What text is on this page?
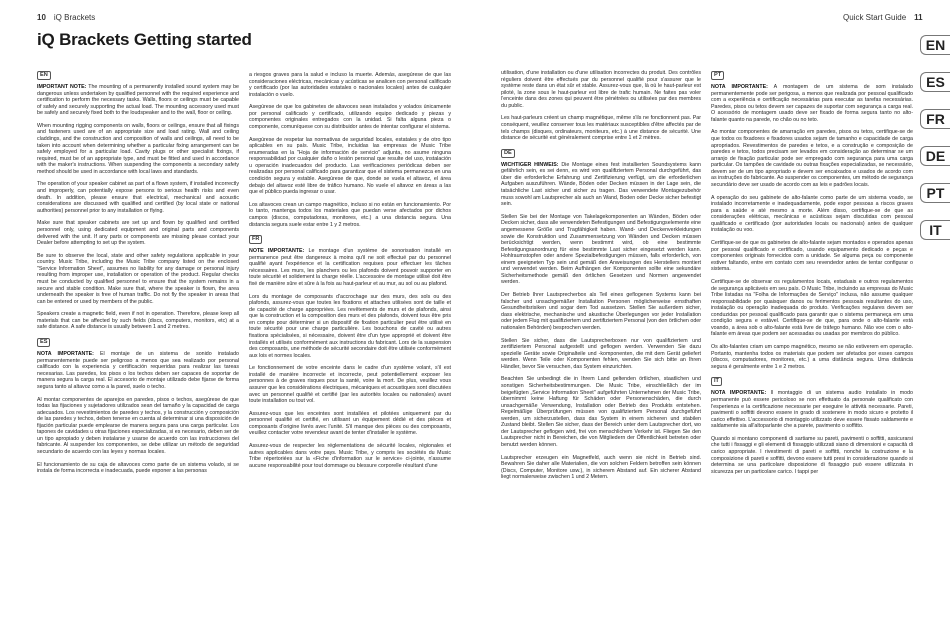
10 iQ Brackets	Quick Start Guide 11
iQ Brackets Getting started
EN

IMPORTANT NOTE: The mounting of a permanently installed sound system may be dangerous unless undertaken by qualified personnel with the required experience and certification to perform the necessary tasks. Walls, floors or ceilings must be capable of safely and securely supporting the actual load. The mounting accessory used must be safely and securely fixed both to the loudspeaker and to the wall, floor or ceiling.

When mounting rigging components on walls, floors or ceilings, ensure that all fixings and fasteners used are of an appropriate size and load rating. Wall and ceiling claddings, and the construction and composition of walls and ceilings, all need to be taken into account when determining whether a particular fixing arrangement can be safely employed for a particular load. Cavity plugs or other specialist fixings, if required, must be of an appropriate type, and must be fitted and used in accordance with the maker's instructions. When suspending the components a secondary safety method should be used in accordance with local laws and standards.

The operation of your speaker cabinet as part of a flown system, if installed incorrectly and improperly, can potentially expose persons to serious health risks and even death. In addition, please ensure that electrical, mechanical and acoustic considerations are discussed with qualified and certified (by local state or national authorities) personnel prior to any installation or flying.

Make sure that speaker cabinets are set up and flown by qualified and certified personnel only, using dedicated equipment and original parts and components delivered with the unit. If any parts or components are missing please contact your Dealer before attempting to set up the system.

Be sure to observe the local, state and other safety regulations applicable in your country. Music Tribe, including the Music Tribe company listed on the enclosed "Service Information Sheet", assumes no liability for any damage or personal injury resulting from improper use, installation or operation of the product. Regular checks must be conducted by qualified personnel to ensure that the system remains in a secure and stable condition. Make sure that, where the speaker is flown, the area underneath the speaker is free of human traffic. Do not fly the speaker in areas that can be entered or used by members of the public.

Speakers create a magnetic field, even if not in operation. Therefore, please keep all materials that can be affected by such fields (discs, computers, monitors, etc) at a safe distance. A safe distance is usually between 1 and 2 metres.

ES

NOTA IMPORTANTE: El montaje de un sistema de sonido instalado permanentemente puede ser peligroso a menos que sea realizado por personal calificado con la experiencia y certificación requeridas para realizar las tareas necesarias. Las paredes, los pisos o los techos deben ser capaces de soportar de manera segura la carga real. El accesorio de montaje utilizado debe fijarse de forma segura tanto al altavoz como a la pared, suelo o techo.

Al montar componentes de aparejos en paredes, pisos o techos, asegúrese de que todas las fijaciones y sujetadores utilizados sean del tamaño y la capacidad de carga adecuados. Los revestimientos de paredes y techos, y la construcción y composición de las paredes y techos, deben tenerse en cuenta al determinar si una disposición de fijación particular puede emplearse de manera segura para una carga particular. Los tapones de cavidades u otras fijaciones especializadas, si es necesario, deben ser de un tipo apropiado y deben instalarse y usarse de acuerdo con las instrucciones del fabricante. Al suspender los componentes, se debe utilizar un método de seguridad secundario de acuerdo con las leyes y normas locales.

El funcionamiento de su caja de altavoces como parte de un sistema volado, si se instala de forma incorrecta e inadecuada, puede exponer a las personas

a riesgos graves para la salud e incluso la muerte. Además, asegúrese de que las consideraciones eléctricas, mecánicas y acústicas se analicen con personal calificado y certificado (por las autoridades estatales o nacionales locales) antes de cualquier instalación o vuelo.

Asegúrese de que los gabinetes de altavoces sean instalados y volados únicamente por personal calificado y certificado, utilizando equipo dedicado y piezas y componentes originales entregados con la unidad. Si falta alguna pieza o componente, comuníquese con su distribuidor antes de intentar configurar el sistema.

Asegúrese de respetar las normativas de seguridad locales, estatales y de otro tipo aplicables en su país. Music Tribe, incluidas las empresas de Music Tribe enumeradas en la "Hoja de información de servicio" adjunta, no asume ninguna responsabilidad por cualquier daño o lesión personal que resulte del uso, instalación u operación inadecuados del producto. Las verificaciones periódicas deben ser realizadas por personal calificado para garantizar que el sistema permanezca en una condición segura y estable. Asegúrese de que, donde se vuela el altavoz, el área debajo del altavoz esté libre de tráfico humano. No vuele el altavoz en áreas a las que el público pueda ingresar o usar.

Los altavoces crean un campo magnético, incluso si no están en funcionamiento. Por lo tanto, mantenga todos los materiales que puedan verse afectados por dichos campos (discos, computadoras, monitores, etc.) a una distancia segura. Una distancia segura suele estar entre 1 y 2 metros.

FR

NOTE IMPORTANTE: Le montage d'un système de sonorisation installé en permanence peut être dangereux à moins qu'il ne soit effectué par du personnel qualifié ayant l'expérience et la certification requises pour effectuer les tâches nécessaires. Les murs, les planchers ou les plafonds doivent pouvoir supporter en toute sécurité et solidement la charge réelle. L'accessoire de montage utilisé doit être fixé de manière sûre et sûre à la fois au haut-parleur et au mur, au sol ou au plafond.

Lors du montage de composants d'accrochage sur des murs, des sols ou des plafonds, assurez-vous que toutes les fixations et attaches utilisées sont de taille et de capacité de charge appropriées. Les revêtements de murs et de plafonds, ainsi que la construction et la composition des murs et des plafonds, doivent tous être pris en compte pour déterminer si un dispositif de fixation particulier peut être utilisé en toute sécurité pour une charge particulière. Les bouchons de cavité ou autres fixations spécialisées, si nécessaire, doivent être d'un type approprié et doivent être installés et utilisés conformément aux instructions du fabricant. Lors de la suspension des composants, une méthode de sécurité secondaire doit être utilisée conformément aux lois et normes locales.

Le fonctionnement de votre enceinte dans le cadre d'un système volant, s'il est installé de manière incorrecte et incorrecte, peut potentiellement exposer les personnes à de graves risques pour la santé, voire la mort. De plus, veuillez vous assurer que les considérations électriques, mécaniques et acoustiques sont discutées avec un personnel qualifié et certifié (par les autorités locales ou nationales) avant toute installation ou tout vol.

Assurez-vous que les enceintes sont installées et pilotées uniquement par du personnel qualifié et certifié, en utilisant un équipement dédié et des pièces et composants d'origine livrés avec l'unité. S'il manque des pièces ou des composants, veuillez contacter votre revendeur avant de tenter d'installer le système.

Assurez-vous de respecter les réglementations de sécurité locales, régionales et autres applicables dans votre pays. Music Tribe, y compris les sociétés du Music Tribe répertoriées sur la «Fiche d'information sur le service» ci-jointe, n'assume aucune responsabilité pour tout dommage ou blessure corporelle résultant d'une

utilisation, d'une installation ou d'une utilisation incorrectes du produit. Des contrôles réguliers doivent être effectués par du personnel qualifié pour s'assurer que le système reste dans un état sûr et stable. Assurez-vous que, là où le haut-parleur est piloté, la zone sous le haut-parleur est libre de trafic humain. Ne faites pas voler l'enceinte dans des zones qui peuvent être pénétrées ou utilisées par des membres du public.

Les haut-parleurs créent un champ magnétique, même s'ils ne fonctionnent pas. Par conséquent, veuillez conserver tous les matériaux susceptibles d'être affectés par de tels champs (disques, ordinateurs, moniteurs, etc.) à une distance de sécurité. Une distance de sécurité est généralement comprise entre 1 et 2 mètres.

DE

WICHTIGER HINWEIS: Die Montage eines fest installierten Soundsystems kann gefährlich sein, es sei denn, es wird von qualifiziertem Personal durchgeführt, das über die erforderliche Erfahrung und Zertifizierung verfügt, um die erforderlichen Aufgaben auszuführen. Wände, Böden oder Decken müssen in der Lage sein, die tatsächliche Last sicher und sicher zu tragen. Das verwendete Montagezubehör muss sowohl am Lautsprecher als auch an Wand, Boden oder Decke sicher befestigt sein.

Stellen Sie bei der Montage von Takelagekomponenten an Wänden, Böden oder Decken sicher, dass alle verwendeten Befestigungen und Befestigungselemente eine angemessene Größe und Tragfähigkeit haben. Wand- und Deckenverkleidungen sowie die Konstruktion und Zusammensetzung von Wänden und Decken müssen berücksichtigt werden, wenn bestimmt wird, ob eine bestimmte Befestigungsanordnung für eine bestimmte Last sicher eingesetzt werden kann. Hohlraumstopfen oder andere Spezialbefestigungen müssen, falls erforderlich, von einem geeigneten Typ sein und gemäß den Anweisungen des Herstellers montiert und verwendet werden. Beim Aufhängen der Komponenten sollte eine sekundäre Sicherheitsmethode gemäß den örtlichen Gesetzen und Normen angewendet werden.

Der Betrieb Ihrer Lautsprecherbox als Teil eines geflogenen Systems kann bei falscher und unsachgemäßer Installation Personen möglicherweise ernsthaften Gesundheitsrisiken und sogar dem Tod aussetzen. Stellen Sie außerdem sicher, dass elektrische, mechanische und akustische Überlegungen vor jeder Installation oder jedem Flug mit qualifiziertem und zertifiziertem Personal (von den örtlichen oder nationalen Behörden) besprochen werden.

Stellen Sie sicher, dass die Lautsprecherboxen nur von qualifiziertem und zertifiziertem Personal aufgestellt und geflogen werden. Verwenden Sie dazu spezielle Geräte sowie Originalteile und -komponenten, die mit dem Gerät geliefert werden. Wenn Teile oder Komponenten fehlen, wenden Sie sich bitte an Ihren Händler, bevor Sie versuchen, das System einzurichten.

Beachten Sie unbedingt die in Ihrem Land geltenden örtlichen, staatlichen und sonstigen Sicherheitsbestimmungen. Die Music Tribe, einschließlich der im beigefügten „Service Information Sheet" aufgeführten Unternehmen der Music Tribe, übernimmt keine Haftung für Schäden oder Personenschäden, die durch unsachgemäße Verwendung, Installation oder Betrieb des Produkts entstehen. Regelmäßige Überprüfungen müssen von qualifiziertem Personal durchgeführt werden, um sicherzustellen, dass das System in einem sicheren und stabilen Zustand bleibt. Stellen Sie sicher, dass der Bereich unter dem Lautsprecher dort, wo der Lautsprecher geflogen wird, frei von menschlichem Verkehr ist. Fliegen Sie den Lautsprecher nicht in Bereichen, die von Mitgliedern der Öffentlichkeit betreten oder benutzt werden können.

Lautsprecher erzeugen ein Magnetfeld, auch wenn sie nicht in Betrieb sind. Bewahren Sie daher alle Materialien, die von solchen Feldern betroffen sein können (Discs, Computer, Monitore usw.), in sicherem Abstand auf. Ein sicherer Abstand liegt normalerweise zwischen 1 und 2 Metern.

PT

NOTA IMPORTANTE: A montagem de um sistema de som instalado permanentemente pode ser perigosa, a menos que realizada por pessoal qualificado com a experiência e certificação necessárias para executar as tarefas necessárias. Paredes, pisos ou tetos devem ser capazes de suportar com segurança a carga real. O acessório de montagem usado deve ser fixado de forma segura tanto no alto-falante quanto na parede, no chão ou no teto.

Ao montar componentes de amarração em paredes, pisos ou tetos, certifique-se de que todos os fixadores e fixadores usados sejam de tamanho e capacidade de carga apropriados. Revestimentos de paredes e tetos, e a construção e composição de paredes e tetos, todos precisam ser levados em consideração ao determinar se um arranjo de fixação particular pode ser empregado com segurança para uma carga particular. Os tampões de cavidade ou outras fixações especializadas, se necessário, devem ser de um tipo apropriado e devem ser encaixados e usados de acordo com as instruções do fabricante. Ao suspender os componentes, um método de segurança secundário deve ser usado de acordo com as leis e padrões locais.

A operação do seu gabinete de alto-falante como parte de um sistema voado, se instalado incorretamente e inadequadamente, pode expor pessoas a riscos graves para a saúde e até mesmo a morte. Além disso, certifique-se de que as considerações elétricas, mecânicas e acústicas sejam discutidas com pessoal qualificado e certificado (por autoridades locais ou nacionais) antes de qualquer instalação ou voo.

Certifique-se de que os gabinetes de alto-falante sejam montados e operados apenas por pessoal qualificado e certificado, usando equipamento dedicado e peças e componentes originais fornecidos com a unidade. Se alguma peça ou componente estiver faltando, entre em contato com seu revendedor antes de tentar configurar o sistema.

Certifique-se de observar os regulamentos locais, estaduais e outros regulamentos de segurança aplicáveis em seu país. O Music Tribe, incluindo as empresas do Music Tribe listadas na "Folha de Informações de Serviço" inclusa, não assume qualquer responsabilidade por quaisquer danos ou ferimentos pessoais resultantes do uso, instalação ou operação inadequada do produto. Verificações regulares devem ser conduzidas por pessoal qualificado para garantir que o sistema permaneça em uma condição segura e estável. Certifique-se de que, para onde o alto-falante está voando, a área sob o alto-falante está livre de tráfego humano. Não voe com o alto-falante em áreas que podem ser acessadas ou usadas por membros do público.

Os alto-falantes criam um campo magnético, mesmo se não estiverem em operação. Portanto, mantenha todos os materiais que podem ser afetados por esses campos (discos, computadores, monitores, etc.) a uma distância segura. Uma distância segura é geralmente entre 1 e 2 metros.

IT

NOTA IMPORTANTE: Il montaggio di un sistema audio installato in modo permanente può essere pericoloso se non effettuato da personale qualificato con l'esperienza e la certificazione necessarie per eseguire le attività necessarie. Pareti, pavimenti o soffitti devono essere in grado di sostenere in modo sicuro e protetto il carico effettivo. L'accessorio di montaggio utilizzato deve essere fissato saldamente e saldamente sia all'altoparlante che a parete, pavimento o soffitto.

Quando si montano componenti di sartiame su pareti, pavimenti o soffitti, assicurarsi che tutti i fissaggi e gli elementi di fissaggio utilizzati siano di dimensioni e capacità di carico appropriate. I rivestimenti di pareti e soffitti, nonché la costruzione e la composizione di pareti e soffitti, devono essere tutti presi in considerazione quando si determina se una particolare disposizione di fissaggio può essere utilizzata in sicurezza per un particolare carico. I tappi per

EN
ES
FR
DE
PT
IT
